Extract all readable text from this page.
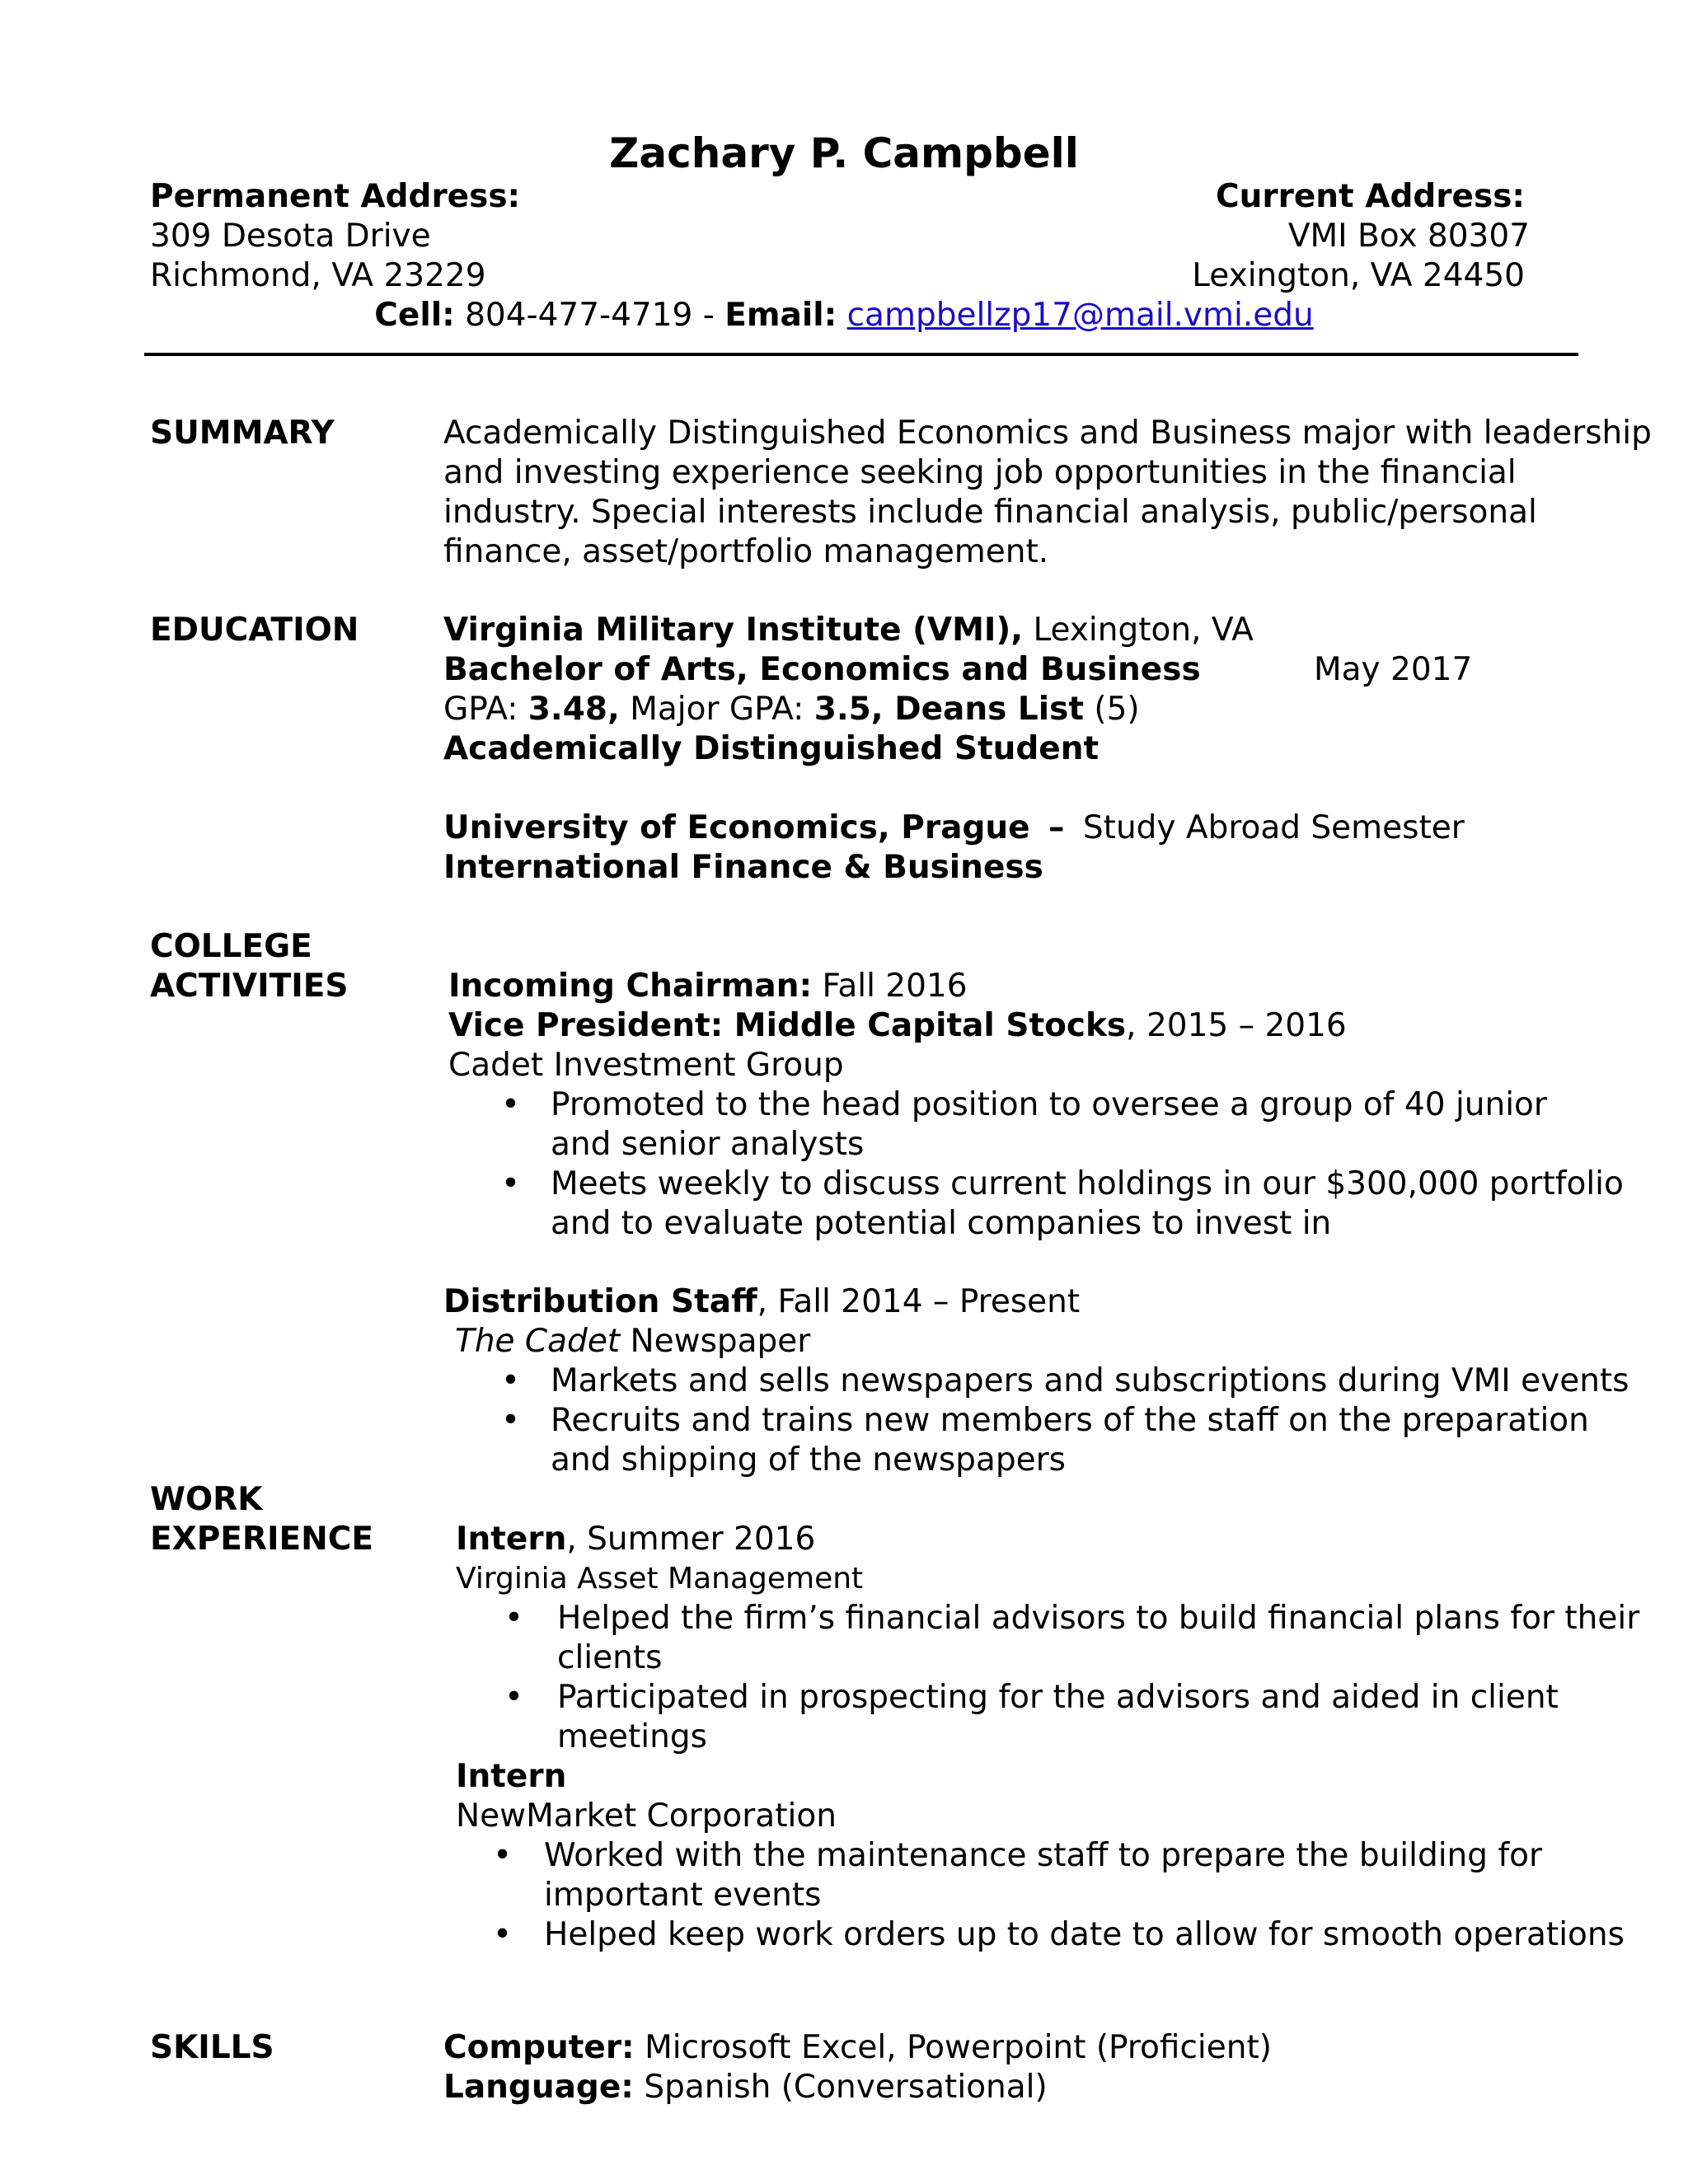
Zachary P. Campbell
Permanent Address:
309 Desota Drive
Richmond, VA 23229
Current Address:
VMI Box 80307
Lexington, VA 24450
Cell: 804-477-4719 - Email: campbellzp17@mail.vmi.edu
SUMMARY	Academically Distinguished Economics and Business major with leadership
and investing experience seeking job opportunities in the financial
industry. Special interests include financial analysis, public/personal
finance, asset/portfolio management.
EDUCATION	Virginia Military Institute (VMI), Lexington, VA
Bachelor of Arts, Economics and Business	May 2017
GPA: 3.48, Major GPA: 3.5, Deans List (5)
Academically Distinguished Student
University of Economics, Prague – Study Abroad Semester
International Finance & Business
COLLEGE
ACTIVITIES	Incoming Chairman: Fall 2016
Vice President: Middle Capital Stocks, 2015 – 2016
Cadet Investment Group
• Promoted to the head position to oversee a group of 40 junior
and senior analysts
• Meets weekly to discuss current holdings in our $300,000 portfolio
and to evaluate potential companies to invest in
Distribution Staff, Fall 2014 – Present
The Cadet Newspaper
• Markets and sells newspapers and subscriptions during VMI events
• Recruits and trains new members of the staff on the preparation
and shipping of the newspapers
WORK
EXPERIENCE	Intern, Summer 2016
Virginia Asset Management
• Helped the firm’s financial advisors to build financial plans for their
clients
• Participated in prospecting for the advisors and aided in client
meetings
Intern
NewMarket Corporation
• Worked with the maintenance staff to prepare the building for
important events
• Helped keep work orders up to date to allow for smooth operations
SKILLS	Computer: Microsoft Excel, Powerpoint (Proficient)
Language: Spanish (Conversational)
